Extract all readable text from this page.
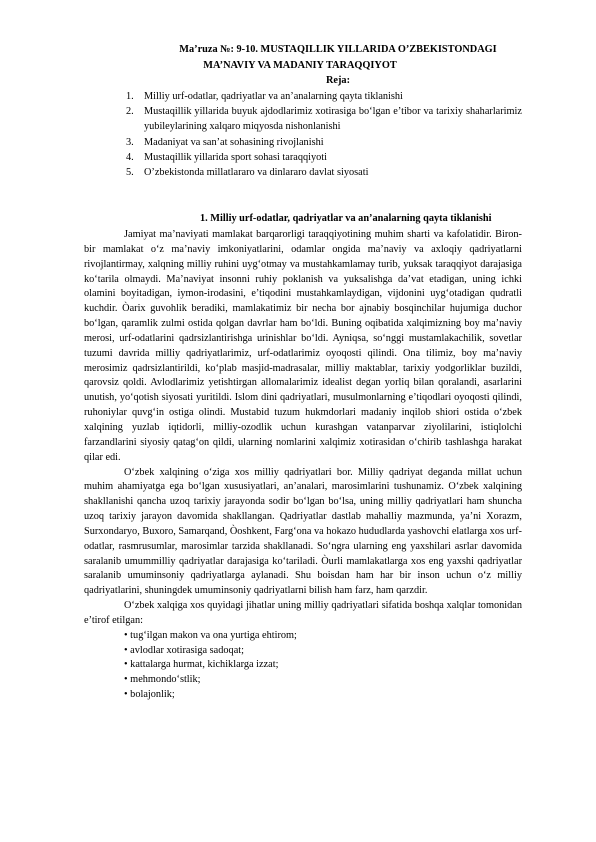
Ma’ruza №: 9-10. MUSTAQILLIK YILLARIDA O’ZBEKISTONDAGI
MA’NAVIY VA MADANIY TARAQQIYOT
Reja:
1. Milliy urf-odatlar, qadriyatlar va an’analarning qayta tiklanishi
2. Mustaqillik yillarida buyuk ajdodlarimiz xotirasiga bo‘lgan e’tibor va tarixiy shaharlarimiz yubileylarining xalqaro miqyosda nishonlanishi
3. Madaniyat va san’at sohasining rivojlanishi
4. Mustaqillik yillarida sport sohasi taraqqiyoti
5. O’zbekistonda millatlararo va dinlararo davlat siyosati
1. Milliy urf-odatlar, qadriyatlar va an’analarning qayta tiklanishi

Jamiyat ma’naviyati mamlakat barqarorligi taraqqiyotining muhim sharti va kafolatidir. Biron-bir mamlakat o‘z ma’naviy imkoniyatlarini, odamlar ongida ma’naviy va axloqiy qadriyatlarni rivojlantirmay, xalqning milliy ruhini uyg‘otmay va mustahkamlamay turib, yuksak taraqqiyot darajasiga ko‘tarila olmaydi. Ma’naviyat insonni ruhiy poklanish va yuksalishga da’vat etadigan, uning ichki olamini boyitadigan, iymon-irodasini, e’tiqodini mustahkamlaydigan, vijdonini uyg‘otadigan qudratli kuchdir. Òarix guvohlik beradiki, mamlakatimiz bir necha bor ajnabiy bosqinchilar hujumiga duchor bo‘lgan, qaramlik zulmi ostida qolgan davrlar ham bo‘ldi. Buning oqibatida xalqimizning boy ma’naviy merosi, urf-odatlarini qadrsizlantirishga urinishlar bo‘ldi. Ayniqsa, so‘nggi mustamlakachilik, sovetlar tuzumi davrida milliy qadriyatlarimiz, urf-odatlarimiz oyoqosti qilindi. Ona tilimiz, boy ma’naviy merosimiz qadrsizlantirildi, ko‘plab masjid-madrasalar, milliy maktablar, tarixiy yodgorliklar buzildi, qarovsiz qoldi. Avlodlarimiz yetishtirgan allomalarimiz idealist degan yorliq bilan qoralandi, asarlarini unutish, yo‘qotish siyosati yuritildi. Islom dini qadriyatlari, musulmonlarning e’tiqodlari oyoqosti qilindi, ruhoniylar quvg‘in ostiga olindi. Mustabid tuzum hukmdorlari madaniy inqilob shiori ostida o‘zbek xalqining yuzlab iqtidorli, milliy-ozodlik uchun kurashgan vatanparvar ziyolilarini, istiqlolchi farzandlarini siyosiy qatag‘on qildi, ularning nomlarini xalqimiz xotirasidan o‘chirib tashlashga harakat qilar edi.

O‘zbek xalqining o‘ziga xos milliy qadriyatlari bor. Milliy qadriyat deganda millat uchun muhim ahamiyatga ega bo‘lgan xususiyatlari, an’analari, marosimlarini tushunamiz. O‘zbek xalqining shakllanishi qancha uzoq tarixiy jarayonda sodir bo‘lgan bo‘lsa, uning milliy qadriyatlari ham shuncha uzoq tarixiy jarayon davomida shakllangan. Qadriyatlar dastlab mahalliy mazmunda, ya’ni Xorazm, Surxondaryo, Buxoro, Samarqand, Òoshkent, Farg‘ona va hokazo hududlarda yashovchi elatlarga xos urf-odatlar, rasmrusumlar, marosimlar tarzida shakllanadi. So‘ngra ularning eng yaxshilari asrlar davomida saralanib umummilliy qadriyatlar darajasiga ko‘tariladi. Òurli mamlakatlarga xos eng yaxshi qadriyatlar saralanib umuminsoniy qadriyatlarga aylanadi. Shu boisdan ham har bir inson uchun o‘z milliy qadriyatlarini, shuningdek umuminsoniy qadriyatlarni bilish ham farz, ham qarzdir.

O‘zbek xalqiga xos quyidagi jihatlar uning milliy qadriyatlari sifatida boshqa xalqlar tomonidan e’tirof etilgan:

• tug‘ilgan makon va ona yurtiga ehtirom;
• avlodlar xotirasiga sadoqat;
• kattalarga hurmat, kichiklarga izzat;
• mehmondo‘stlik;
• bolajonlik;
